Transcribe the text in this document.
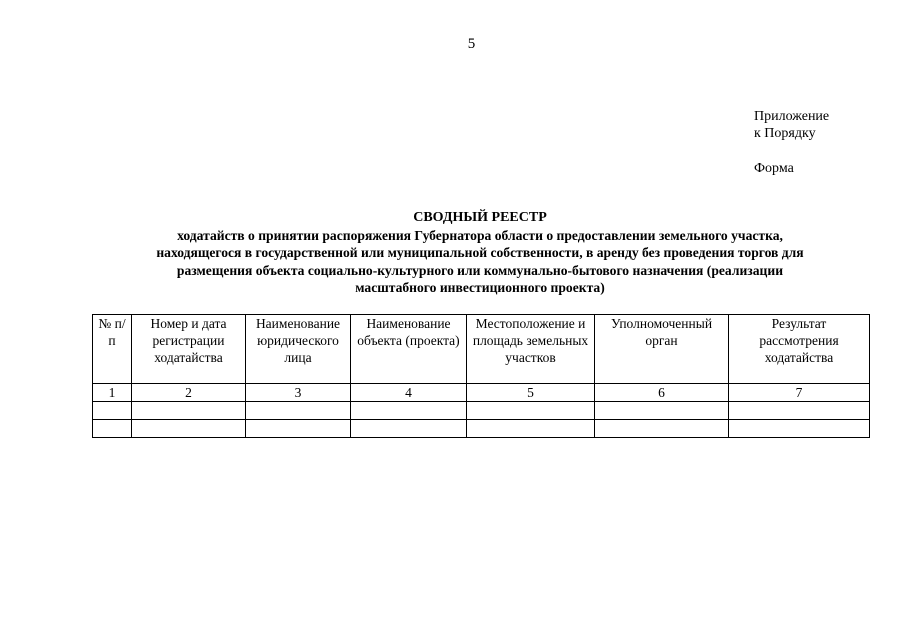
5
Приложение
к Порядку
Форма
СВОДНЫЙ РЕЕСТР
ходатайств о принятии распоряжения Губернатора области о предоставлении земельного участка,
находящегося в государственной или муниципальной собственности, в аренду без проведения торгов для
размещения объекта социально-культурного или коммунально-бытового назначения (реализации
масштабного инвестиционного проекта)
№ п/п	Номер и дата регистрации ходатайства	Наименование юридического лица	Наименование объекта (проекта)	Местоположение и площадь земельных участков	Уполномоченный орган	Результат рассмотрения ходатайства
1	2	3	4	5	6	7
